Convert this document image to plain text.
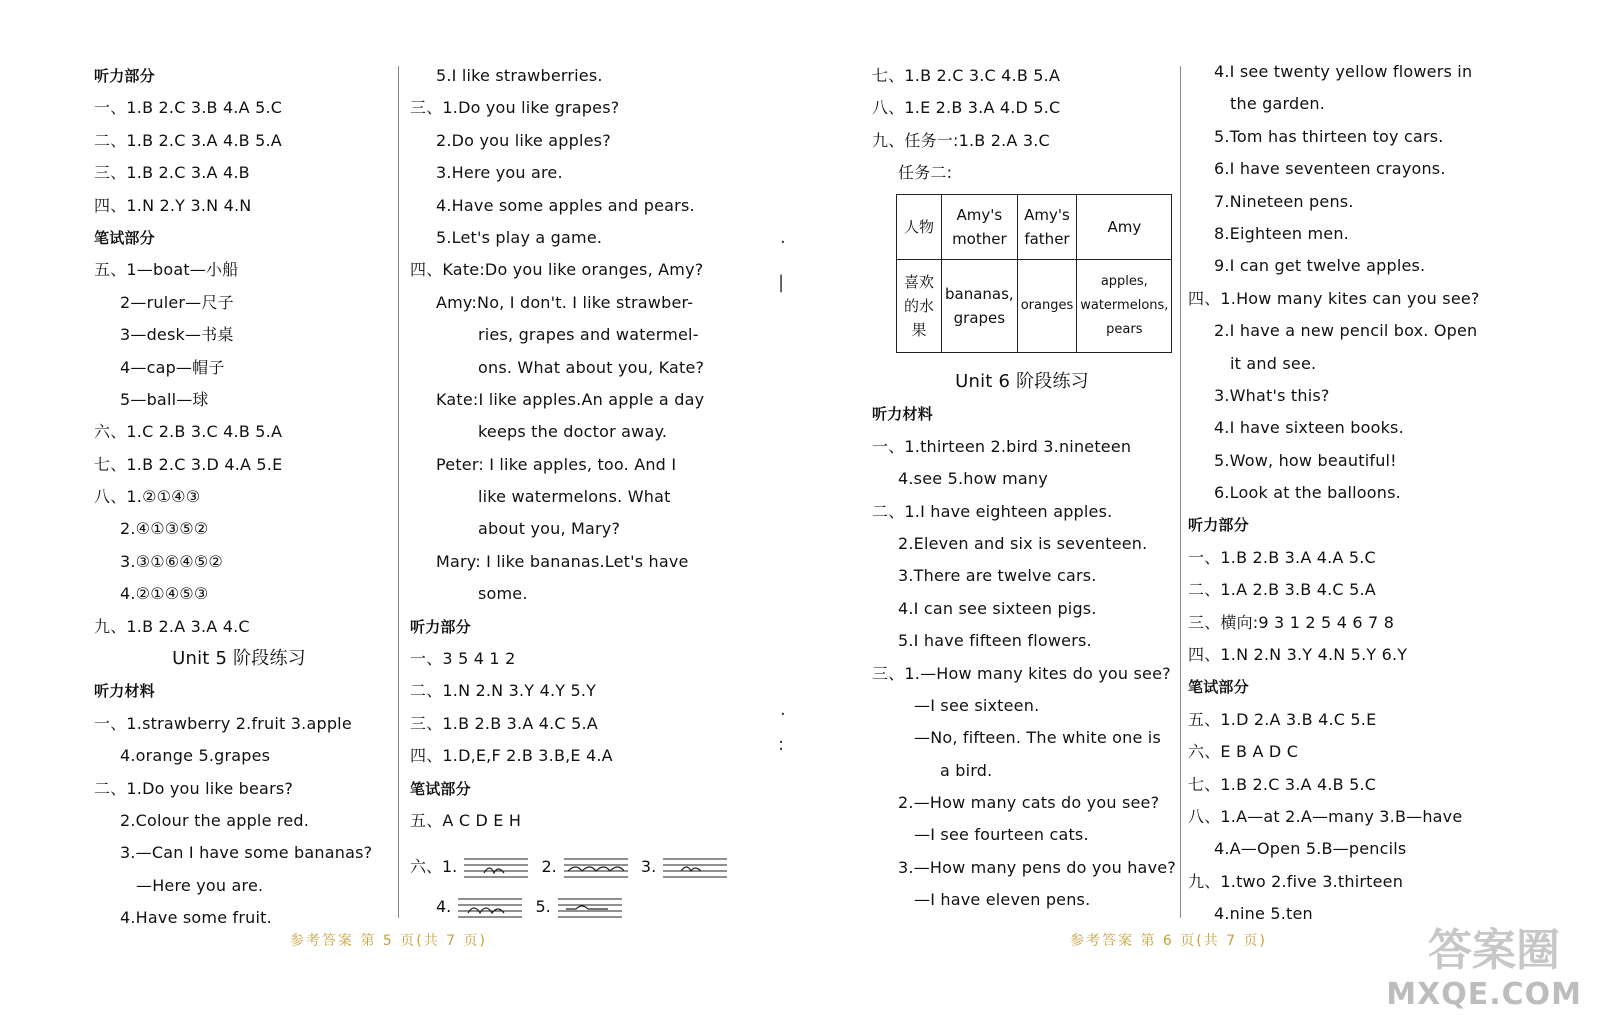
听力部分
一、1.B 2.C 3.B 4.A 5.C
二、1.B 2.C 3.A 4.B 5.A
三、1.B 2.C 3.A 4.B
四、1.N 2.Y 3.N 4.N
笔试部分
五、1—boat—小船
2—ruler—尺子
3—desk—书桌
4—cap—帽子
5—ball—球
六、1.C 2.B 3.C 4.B 5.A
七、1.B 2.C 3.D 4.A 5.E
八、1.②①④③
2.④①③⑤②
3.③①⑥④⑤②
4.②①④⑤③
九、1.B 2.A 3.A 4.C
Unit 5 阶段练习
听力材料
一、1.strawberry 2.fruit 3.apple
4.orange 5.grapes
二、1.Do you like bears?
2.Colour the apple red.
3.—Can I have some bananas?
—Here you are.
4.Have some fruit.
5.I like strawberries.
三、1.Do you like grapes?
2.Do you like apples?
3.Here you are.
4.Have some apples and pears.
5.Let's play a game.
四、Kate:Do you like oranges, Amy?
Amy:No, I don't. I like strawber-
ries, grapes and watermel-
ons. What about you, Kate?
Kate:I like apples.An apple a day
keeps the doctor away.
Peter: I like apples, too. And I
like watermelons. What
about you, Mary?
Mary: I like bananas.Let's have
some.
听力部分
一、3 5 4 1 2
二、1.N 2.N 3.Y 4.Y 5.Y
三、1.B 2.B 3.A 4.C 5.A
四、1.D,E,F 2.B 3.B,E 4.A
笔试部分
五、A C D E H
六、1.	2.	3.
4.	5.
参考答案 第 5 页(共 7 页)
·
|
·
:
七、1.B 2.C 3.C 4.B 5.A
八、1.E 2.B 3.A 4.D 5.C
九、任务一:1.B 2.A 3.C
任务二:
人物	Amy's mother	Amy's father	Amy
喜欢的水果	bananas, grapes	oranges	apples, watermelons, pears
Unit 6 阶段练习
听力材料
一、1.thirteen 2.bird 3.nineteen
4.see 5.how many
二、1.I have eighteen apples.
2.Eleven and six is seventeen.
3.There are twelve cars.
4.I can see sixteen pigs.
5.I have fifteen flowers.
三、1.—How many kites do you see?
—I see sixteen.
—No, fifteen. The white one is
a bird.
2.—How many cats do you see?
—I see fourteen cats.
3.—How many pens do you have?
—I have eleven pens.
4.I see twenty yellow flowers in
the garden.
5.Tom has thirteen toy cars.
6.I have seventeen crayons.
7.Nineteen pens.
8.Eighteen men.
9.I can get twelve apples.
四、1.How many kites can you see?
2.I have a new pencil box. Open
it and see.
3.What's this?
4.I have sixteen books.
5.Wow, how beautiful!
6.Look at the balloons.
听力部分
一、1.B 2.B 3.A 4.A 5.C
二、1.A 2.B 3.B 4.C 5.A
三、横向:9 3 1 2 5 4 6 7 8
四、1.N 2.N 3.Y 4.N 5.Y 6.Y
笔试部分
五、1.D 2.A 3.B 4.C 5.E
六、E B A D C
七、1.B 2.C 3.A 4.B 5.C
八、1.A—at 2.A—many 3.B—have
4.A—Open 5.B—pencils
九、1.two 2.five 3.thirteen
4.nine 5.ten
参考答案 第 6 页(共 7 页)	答案圈
MXQE.COM
